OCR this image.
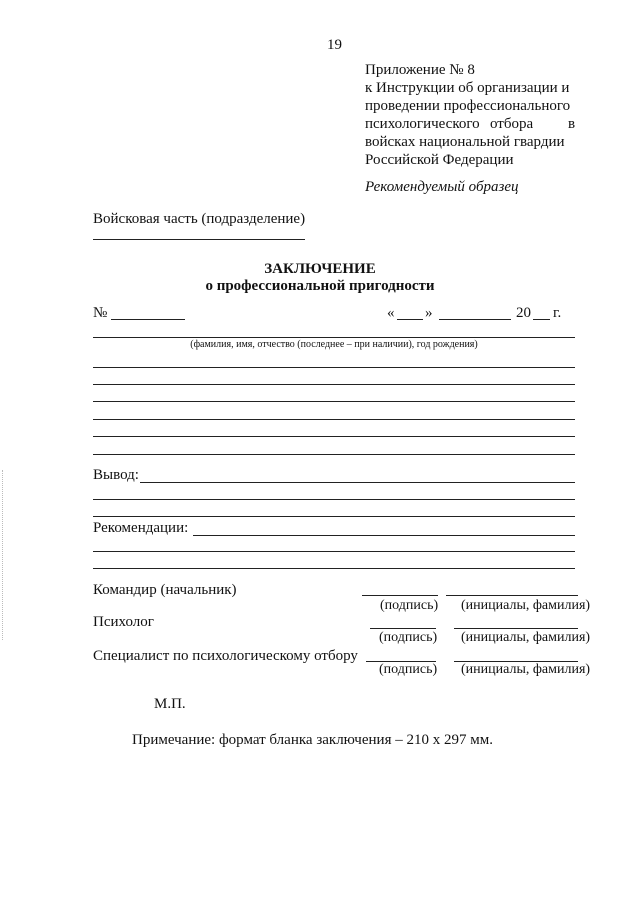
19
Приложение № 8
к Инструкции об организации и
проведении профессионального
психологического отбора в
войсках национальной гвардии
Российской Федерации
Рекомендуемый образец
Войсковая часть (подразделение)
ЗАКЛЮЧЕНИЕ
о профессиональной пригодности
№	« »	20 г.
(фамилия, имя, отчество (последнее – при наличии), год рождения)
Вывод:
Рекомендации:
Командир (начальник)
(подпись) (инициалы, фамилия)
Психолог
(подпись) (инициалы, фамилия)
Специалист по психологическому отбору
(подпись) (инициалы, фамилия)
М.П.
Примечание: формат бланка заключения – 210 х 297 мм.
